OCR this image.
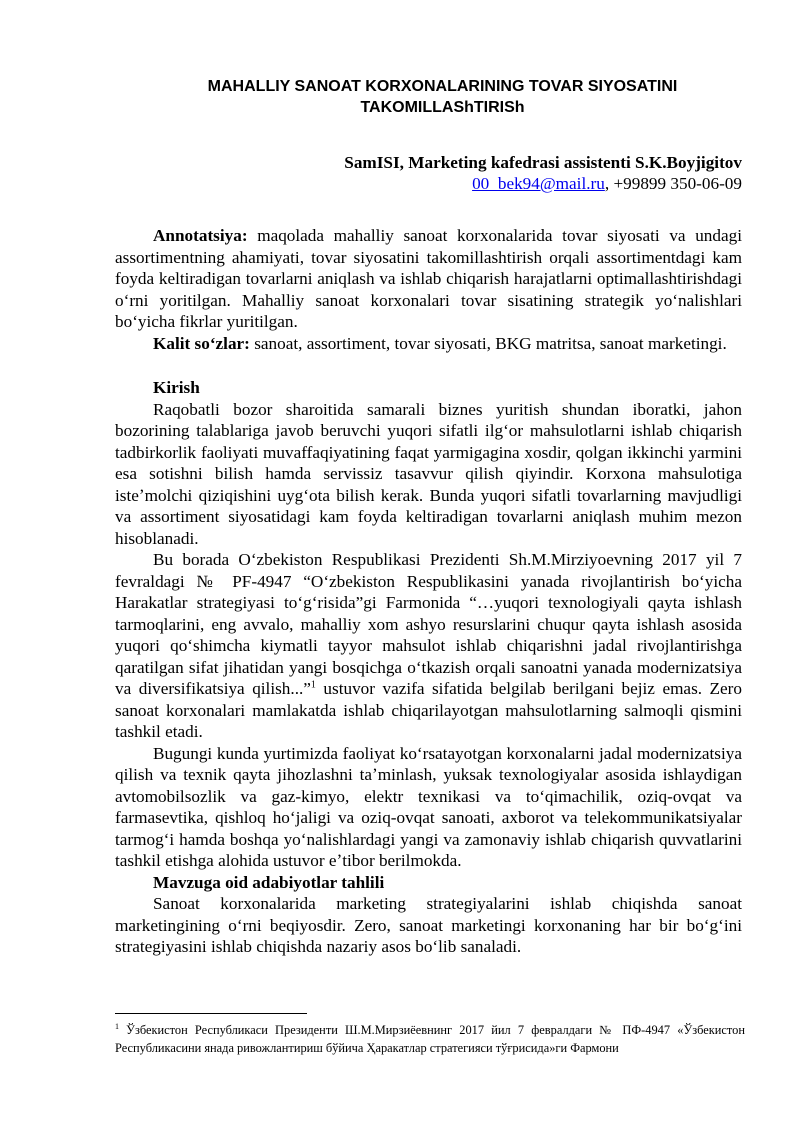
MAHALLIY SANOAT KORXONALARINING TOVAR SIYOSATINI TAKOMILLAShTIRISh
SamISI, Marketing kafedrasi assistenti S.K.Boyjigitov
00_bek94@mail.ru, +99899 350-06-09

Annotatsiya: maqolada mahalliy sanoat korxonalarida tovar siyosati va undagi assortimentning ahamiyati, tovar siyosatini takomillashtirish orqali assortimentdagi kam foyda keltiradigan tovarlarni aniqlash va ishlab chiqarish harajatlarni optimallashtirishdagi oʻrni yoritilgan. Mahalliy sanoat korxonalari tovar sisatining strategik yoʻnalishlari boʻyicha fikrlar yuritilgan.

Kalit soʻzlar: sanoat, assortiment, tovar siyosati, BKG matritsa, sanoat marketingi.

Kirish

Raqobatli bozor sharoitida samarali biznes yuritish shundan iboratki, jahon bozorining talablariga javob beruvchi yuqori sifatli ilgʻor mahsulotlarni ishlab chiqarish tadbirkorlik faoliyati muvaffaqiyatining faqat yarmigagina xosdir, qolgan ikkinchi yarmini esa sotishni bilish hamda servissiz tasavvur qilish qiyindir. Korxona mahsulotiga isteʼmolchi qiziqishini uygʻota bilish kerak. Bunda yuqori sifatli tovarlarning mavjudligi va assortiment siyosatidagi kam foyda keltiradigan tovarlarni aniqlash muhim mezon hisoblanadi.

Bu borada Oʻzbekiston Respublikasi Prezidenti Sh.M.Mirziyoevning 2017 yil 7 fevraldagi № PF-4947 “Oʻzbekiston Respublikasini yanada rivojlantirish boʻyicha Harakatlar strategiyasi toʻgʻrisida”gi Farmonida “…yuqori texnologiyali qayta ishlash tarmoqlarini, eng avvalo, mahalliy xom ashyo resurslarini chuqur qayta ishlash asosida yuqori qoʻshimcha kiymatli tayyor mahsulot ishlab chiqarishni jadal rivojlantirishga qaratilgan sifat jihatidan yangi bosqichga oʻtkazish orqali sanoatni yanada modernizatsiya va diversifikatsiya qilish...”$^1$ ustuvor vazifa sifatida belgilab berilgani bejiz emas. Zero sanoat korxonalari mamlakatda ishlab chiqarilayotgan mahsulotlarning salmoqli qismini tashkil etadi.

Bugungi kunda yurtimizda faoliyat koʻrsatayotgan korxonalarni jadal modernizatsiya qilish va texnik qayta jihozlashni taʼminlash, yuksak texnologiyalar asosida ishlaydigan avtomobilsozlik va gaz-kimyo, elektr texnikasi va toʻqimachilik, oziq-ovqat va farmasevtika, qishloq hoʻjaligi va oziq-ovqat sanoati, axborot va telekommunikatsiyalar tarmogʻi hamda boshqa yoʻnalishlardagi yangi va zamonaviy ishlab chiqarish quvvatlarini tashkil etishga alohida ustuvor eʼtibor berilmokda.

Mavzuga oid adabiyotlar tahlili

Sanoat korxonalarida marketing strategiyalarini ishlab chiqishda sanoat marketingining oʻrni beqiyosdir. Zero, sanoat marketingi korxonaning har bir boʻgʻini strategiyasini ishlab chiqishda nazariy asos boʻlib sanaladi.

$^1$ Ўзбекистон Республикаси Президенти Ш.М.Мирзиёевнинг 2017 йил 7 февралдаги № ПФ-4947 «Ўзбекистон Республикасини янада ривожлантириш бўйича Ҳаракатлар стратегияси тўғрисида»ги Фармони
